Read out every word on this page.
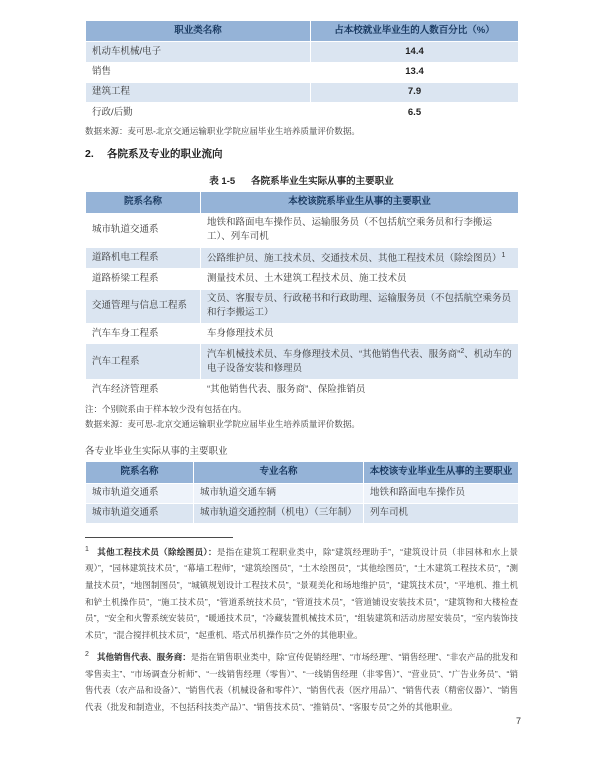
职业类名称	占本校就业毕业生的人数百分比（%）
机动车机械/电子	14.4
销售	13.4
建筑工程	7.9
行政/后勤	6.5
数据来源：麦可思-北京交通运输职业学院应届毕业生培养质量评价数据。
2. 各院系及专业的职业流向
表 1-5 各院系毕业生实际从事的主要职业
院系名称	本校该院系毕业生从事的主要职业
城市轨道交通系	地铁和路面电车操作员、运输服务员（不包括航空乘务员和行李搬运工）、列车司机
道路机电工程系	公路维护员、施工技术员、交通技术员、其他工程技术员（除绘图员）$^1$
道路桥梁工程系	测量技术员、土木建筑工程技术员、施工技术员
交通管理与信息工程系	文员、客服专员、行政秘书和行政助理、运输服务员（不包括航空乘务员和行李搬运工）
汽车车身工程系	车身修理技术员
汽车工程系	汽车机械技术员、车身修理技术员、“其他销售代表、服务商”$^2$、机动车的电子设备安装和修理员
汽车经济管理系	“其他销售代表、服务商”、保险推销员
注：个别院系由于样本较少没有包括在内。
数据来源：麦可思-北京交通运输职业学院应届毕业生培养质量评价数据。
各专业毕业生实际从事的主要职业
院系名称	专业名称	本校该专业毕业生从事的主要职业
城市轨道交通系	城市轨道交通车辆	地铁和路面电车操作员
城市轨道交通系	城市轨道交通控制（机电）（三年制）	列车司机

$^1$ 其他工程技术员（除绘图员）：是指在建筑工程职业类中，除“建筑经理助手”，“建筑设计员（非园林和水上景观）”，“园林建筑技术员”，“幕墙工程师”，“建筑绘图员”，“土木绘图员”，“其他绘图员”，“土木建筑工程技术员”，“测量技术员”，“地图制图员”，“城镇规划设计工程技术员”，“景观美化和场地维护员”，“建筑技术员”，“平地机、推土机和铲土机操作员”，“施工技术员”，“管道系统技术员”，“管道技术员”，“管道铺设安装技术员”，“建筑物和大楼检查员”，“安全和火警系统安装员”，“暖通技术员”，“冷藏装置机械技术员”，“组装建筑和活动房屋安装员”，“室内装饰技术员”，“混合搅拌机技术员”，“起重机、塔式吊机操作员”之外的其他职业。

$^2$ 其他销售代表、服务商：是指在销售职业类中，除“宣传促销经理”、“市场经理”、“销售经理”、“非农产品的批发和零售卖主”、“市场调查分析师”、“一线销售经理（零售）”、“一线销售经理（非零售）”、“营业员”、“广告业务员”、“销售代表（农产品和设备）”、“销售代表（机械设备和零件）”、“销售代表（医疗用品）”、“销售代表（精密仪器）”、“销售代表（批发和制造业，不包括科技类产品）”、“销售技术员”、“推销员”、“客服专员”之外的其他职业。

7
